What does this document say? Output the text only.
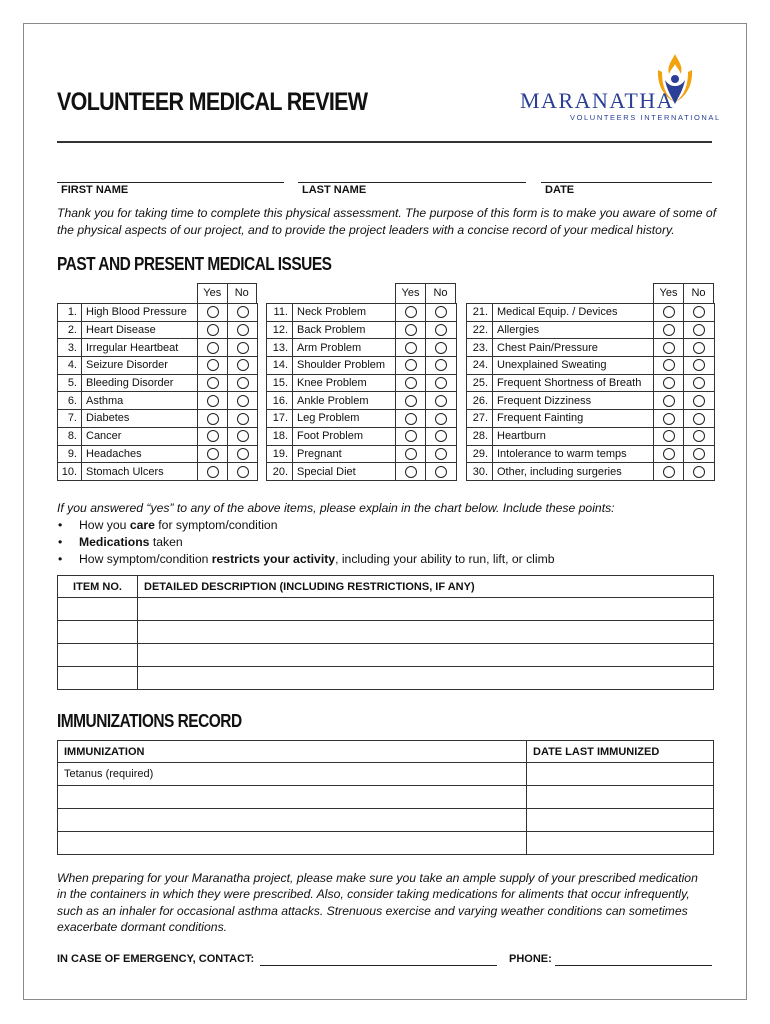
VOLUNTEER MEDICAL REVIEW	MARANATHA
VOLUNTEERS INTERNATIONAL
FIRST NAME	LAST NAME	DATE
Thank you for taking time to complete this physical assessment. The purpose of this form is to make you aware of some of the physical aspects of our project, and to provide the project leaders with a concise record of your medical history.
PAST AND PRESENT MEDICAL ISSUES
Yes	No	Yes	No	Yes	No
1.	High Blood Pressure		
2.	Heart Disease		
3.	Irregular Heartbeat		
4.	Seizure Disorder		
5.	Bleeding Disorder		
6.	Asthma		
7.	Diabetes		
8.	Cancer		
9.	Headaches		
10.	Stomach Ulcers		
11.	Neck Problem		
12.	Back Problem		
13.	Arm Problem		
14.	Shoulder Problem		
15.	Knee Problem		
16.	Ankle Problem		
17.	Leg Problem		
18.	Foot Problem		
19.	Pregnant		
20.	Special Diet		
21.	Medical Equip. / Devices		
22.	Allergies		
23.	Chest Pain/Pressure		
24.	Unexplained Sweating		
25.	Frequent Shortness of Breath		
26.	Frequent Dizziness		
27.	Frequent Fainting		
28.	Heartburn		
29.	Intolerance to warm temps		
30.	Other, including surgeries		
If you answered “yes” to any of the above items, please explain in the chart below. Include these points:
• How you care for symptom/condition
• Medications taken
• How symptom/condition restricts your activity, including your ability to run, lift, or climb
ITEM NO.	DETAILED DESCRIPTION (INCLUDING RESTRICTIONS, IF ANY)

IMMUNIZATIONS RECORD
IMMUNIZATION	DATE LAST IMMUNIZED
Tetanus (required)	

When preparing for your Maranatha project, please make sure you take an ample supply of your prescribed medication in the containers in which they were prescribed. Also, consider taking medications for aliments that occur infrequently, such as an inhaler for occasional asthma attacks. Strenuous exercise and varying weather conditions can sometimes exacerbate dormant conditions.
IN CASE OF EMERGENCY, CONTACT:	PHONE:
